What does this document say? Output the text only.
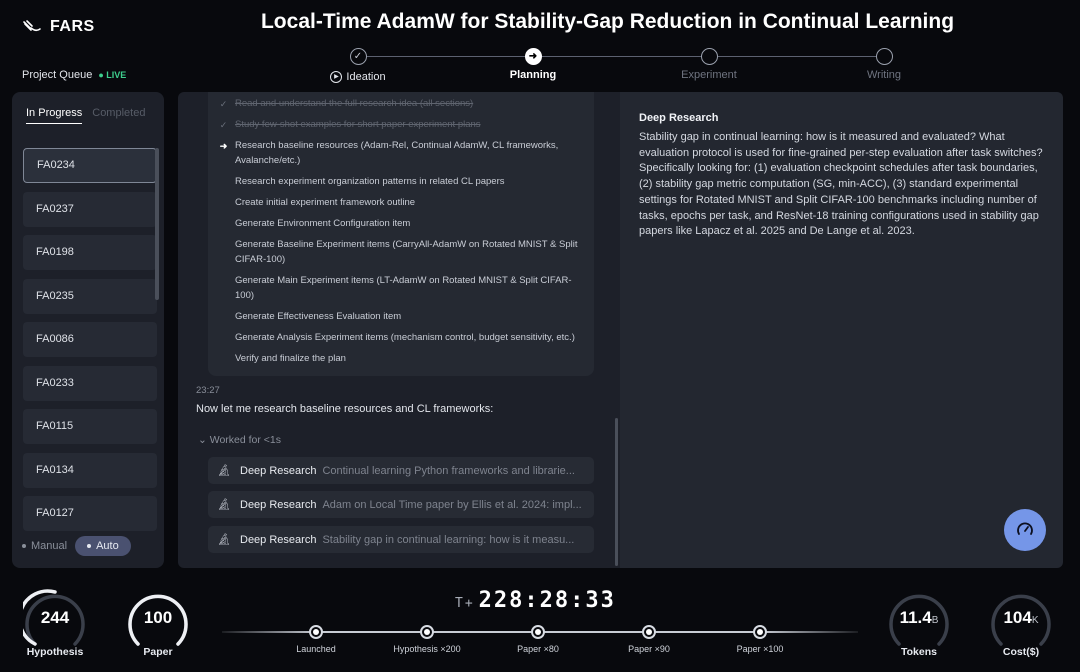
FARS	Local-Time AdamW for Stability-Gap Reduction in Continual Learning
Project Queue ● LIVE
✓
▶ Ideation
➜
Planning	Experiment	Writing
In Progress Completed
FA0234
FA0237
FA0198
FA0235
FA0086
FA0233
FA0115
FA0134
FA0127
Manual	Auto
✓ Read and understand the full research idea (all sections)
✓ Study few-shot examples for short paper experiment plans
➜ Research baseline resources (Adam-Rel, Continual AdamW, CL frameworks, Avalanche/etc.)
Research experiment organization patterns in related CL papers
Create initial experiment framework outline
Generate Environment Configuration item
Generate Baseline Experiment items (CarryAll-AdamW on Rotated MNIST & Split CIFAR-100)
Generate Main Experiment items (LT-AdamW on Rotated MNIST & Split CIFAR-100)
Generate Effectiveness Evaluation item
Generate Analysis Experiment items (mechanism control, budget sensitivity, etc.)
Verify and finalize the plan
23:27
Now let me research baseline resources and CL frameworks:
⌄ Worked for <1s
🔬︎ Deep Research Continual learning Python frameworks and librarie...
🔬︎ Deep Research Adam on Local Time paper by Ellis et al. 2024: impl...
🔬︎ Deep Research Stability gap in continual learning: how is it measu...
Deep Research
Stability gap in continual learning: how is it measured and evaluated? What evaluation protocol is used for fine-grained per-step evaluation after task switches? Specifically looking for: (1) evaluation checkpoint schedules after task boundaries, (2) stability gap metric computation (SG, min-ACC), (3) standard experimental settings for Rotated MNIST and Split CIFAR-100 benchmarks including number of tasks, epochs per task, and ResNet-18 training configurations used in stability gap papers like Lapacz et al. 2025 and De Lange et al. 2023.
244
Hypothesis
100
Paper
T+ 228:28:33
Launched	Hypothesis ×200	Paper ×80	Paper ×90	Paper ×100
11.4B
Tokens
104K
Cost($)
